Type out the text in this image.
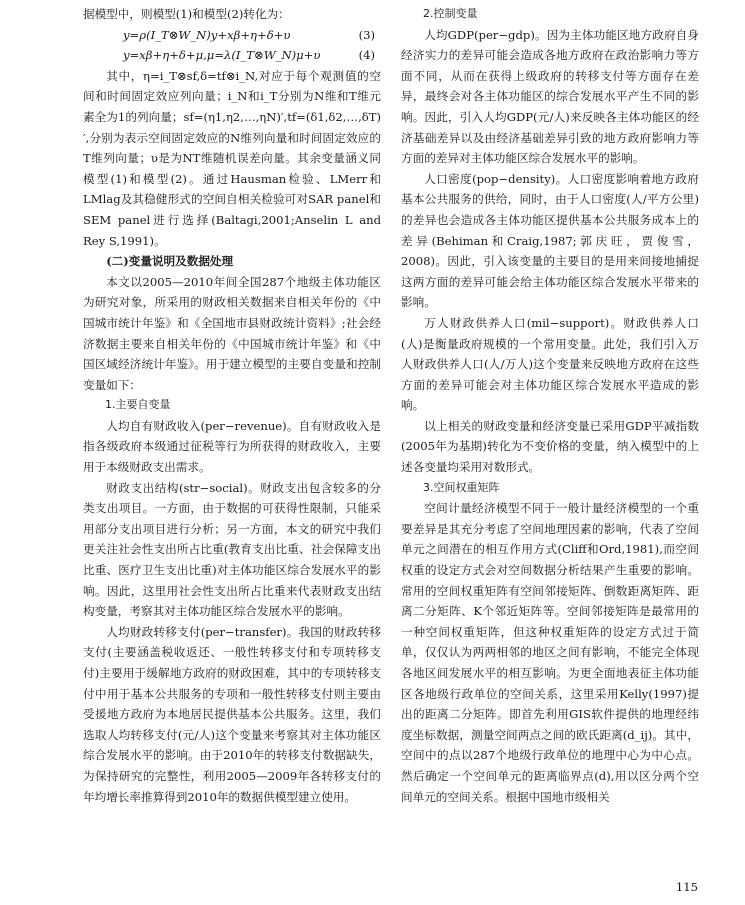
据模型中，则模型(1)和模型(2)转化为：

y=ρ(I_T⊗W_N)y+xβ+η+δ+υ	(3)
y=xβ+η+δ+μ,μ=λ(I_T⊗W_N)μ+υ	(4)

其中，η=i_T⊗sf,δ=tf⊗i_N,对应于每个观测值的空间和时间固定效应列向量；i_N和i_T分别为N维和T维元素全为1的列向量；sf=(η1,η2,…,ηN)′,tf=(δ1,δ2,…,δT)′,分别为表示空间固定效应的N维列向量和时间固定效应的T维列向量；υ是为NT维随机误差向量。其余变量涵义同模型(1)和模型(2)。通过Hausman检验、LMerr和LMlag及其稳健形式的空间自相关检验可对SAR panel和SEM panel进行选择(Baltagi,2001;Anselin L and Rey S,1991)。

(二)变量说明及数据处理

本文以2005—2010年间全国287个地级主体功能区为研究对象，所采用的财政相关数据来自相关年份的《中国城市统计年鉴》和《全国地市县财政统计资料》;社会经济数据主要来自相关年份的《中国城市统计年鉴》和《中国区域经济统计年鉴》。用于建立模型的主要自变量和控制变量如下：

1.主要自变量

人均自有财政收入(per−revenue)。自有财政收入是指各级政府本级通过征税等行为所获得的财政收入，主要用于本级财政支出需求。

财政支出结构(str−social)。财政支出包含较多的分类支出项目。一方面，由于数据的可获得性限制，只能采用部分支出项目进行分析；另一方面，本文的研究中我们更关注社会性支出所占比重(教育支出比重、社会保障支出比重、医疗卫生支出比重)对主体功能区综合发展水平的影响。因此，这里用社会性支出所占比重来代表财政支出结构变量，考察其对主体功能区综合发展水平的影响。

人均财政转移支付(per−transfer)。我国的财政转移支付(主要涵盖税收返还、一般性转移支付和专项转移支付)主要用于缓解地方政府的财政困难，其中的专项转移支付中用于基本公共服务的专项和一般性转移支付则主要由受援地方政府为本地居民提供基本公共服务。这里，我们选取人均转移支付(元/人)这个变量来考察其对主体功能区综合发展水平的影响。由于2010年的转移支付数据缺失，为保持研究的完整性，利用2005—2009年各转移支付的年均增长率推算得到2010年的数据供模型建立使用。

2.控制变量

人均GDP(per−gdp)。因为主体功能区地方政府自身经济实力的差异可能会造成各地方政府在政治影响力等方面不同，从而在获得上级政府的转移支付等方面存在差异，最终会对各主体功能区的综合发展水平产生不同的影响。因此，引入人均GDP(元/人)来反映各主体功能区的经济基础差异以及由经济基础差异引致的地方政府影响力等方面的差异对主体功能区综合发展水平的影响。

人口密度(pop−density)。人口密度影响着地方政府基本公共服务的供给，同时，由于人口密度(人/平方公里)的差异也会造成各主体功能区提供基本公共服务成本上的差异(Behiman和Craig,1987;郭庆旺，贾俊雪，2008)。因此，引入该变量的主要目的是用来间接地捕捉这两方面的差异可能会给主体功能区综合发展水平带来的影响。

万人财政供养人口(mil−support)。财政供养人口(人)是衡量政府规模的一个常用变量。此处，我们引入万人财政供养人口(人/万人)这个变量来反映地方政府在这些方面的差异可能会对主体功能区综合发展水平造成的影响。

以上相关的财政变量和经济变量已采用GDP平减指数(2005年为基期)转化为不变价格的变量，纳入模型中的上述各变量均采用对数形式。

3.空间权重矩阵

空间计量经济模型不同于一般计量经济模型的一个重要差异是其充分考虑了空间地理因素的影响，代表了空间单元之间潜在的相互作用方式(Cliff和Ord,1981),而空间权重的设定方式会对空间数据分析结果产生重要的影响。常用的空间权重矩阵有空间邻接矩阵、倒数距离矩阵、距离二分矩阵、K个邻近矩阵等。空间邻接矩阵是最常用的一种空间权重矩阵，但这种权重矩阵的设定方式过于简单，仅仅认为两两相邻的地区之间有影响，不能完全体现各地区间发展水平的相互影响。为更全面地表征主体功能区各地级行政单位的空间关系，这里采用Kelly(1997)提出的距离二分矩阵。即首先利用GIS软件提供的地理经纬度坐标数据，测量空间两点之间的欧氏距离(d_ij)。其中，空间中的点以287个地级行政单位的地理中心为中心点。然后确定一个空间单元的距离临界点(d),用以区分两个空间单元的空间关系。根据中国地市级相关

115
